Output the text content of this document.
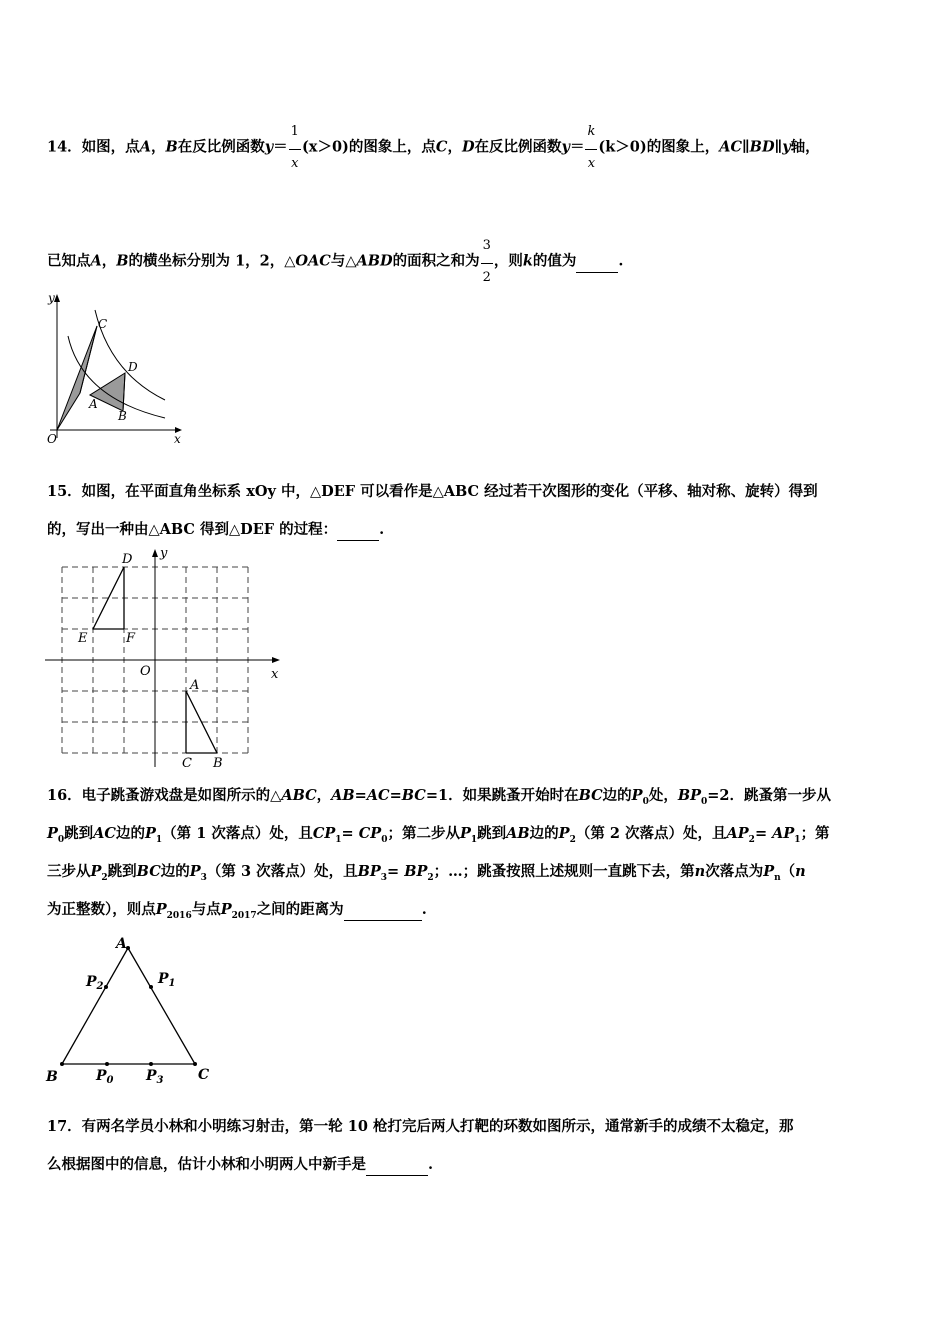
14．如图，点A，B在反比例函数$y= \frac{1}{x} (x>0)$的图象上，点C，D在反比例函数$y= \frac{k}{x} (k>0)$的图象上，AC∥BD∥y轴，
已知点A，B的横坐标分别为 1，2，△OAC与△ABD的面积之和为 $\frac{3}{2}$ ，则k的值为	.
y
C
D
A
B
O	x
15．如图，在平面直角坐标系 xOy 中，△DEF 可以看作是△ABC 经过若干次图形的变化（平移、轴对称、旋转）得到
的，写出一种由△ABC 得到△DEF 的过程：	.
D y
E	F
O	x
A
C B
16．电子跳蚤游戏盘是如图所示的△ABC，AB=AC=BC=1．如果跳蚤开始时在BC边的$P_0$处，$BP_0=2$．跳蚤第一步从
$P_0$跳到AC边的$P_1$（第 1 次落点）处，且$CP_1= CP_0$；第二步从$P_1$跳到AB边的$P_2$（第 2 次落点）处，且$AP_2= AP_1$；第
三步从$P_2$跳到BC边的$P_3$（第 3 次落点）处，且$BP_3= BP_2$；…；跳蚤按照上述规则一直跳下去，第n次落点为$P_n(n$
为正整数），则点$P_{2016}$与点$P_{2017}$之间的距离为	.
A
$P_2$	$P_1$
B	$P_0$ $P_3$ C
17．有两名学员小林和小明练习射击，第一轮 10 枪打完后两人打靶的环数如图所示，通常新手的成绩不太稳定，那
么根据图中的信息，估计小林和小明两人中新手是	.
